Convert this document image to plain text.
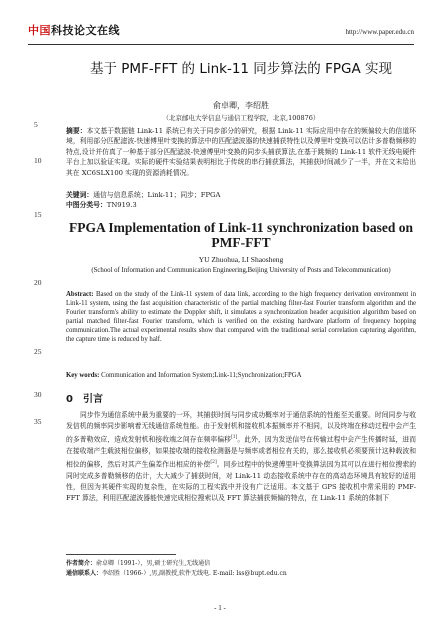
中国科技论文在线	http://www.paper.edu.cn
5
10
15
20
25
30
35
基于 PMF-FFT 的 Link-11 同步算法的 FPGA 实现
俞卓卿，李绍胜
（北京邮电大学信息与通信工程学院，北京,100876）
摘要：本文基于数据链 Link-11 系统已有关于同步部分的研究，根据 Link-11 实际应用中存在的频偏较大的信道环境，利用部分匹配滤波-快速傅里叶变换的算法中的匹配滤波器的快速捕获特性以及傅里叶变换可以估计多普勒频移的特点,设计并仿真了一种基于部分匹配滤波-快速傅里叶变换的同步头捕获算法,在基于跳频的 Link-11 软件无线电硬件平台上加以验证实现。实际的硬件实验结果表明相比于传统的串行捕获算法，其捕获时间减少了一半，并在文末给出其在 XC6SLX100 实现的资源消耗情况。
关键词：通信与信息系统；Link-11；同步；FPGA
中图分类号：TN919.3
FPGA Implementation of Link-11 synchronization based on PMF-FFT
YU Zhuohua, LI Shaosheng
(School of Information and Communication Engineering,Beijing University of Posts and Telecommunication)
Abstract: Based on the study of the Link-11 system of data link, according to the high frequency derivation environment in Link-11 system, using the fast acquisition characteristic of the partial matching filter-fast Fourier transform algorithm and the Fourier transform's ability to estimate the Doppler shift, it simulates a synchronization header acquisition algorithm based on partial matched filter-fast Fourier transform, which is verified on the existing hardware platform of frequency hopping communication.The actual experimental results show that compared with the traditional serial correlation capturing algorithm, the capture time is reduced by half.
Key words: Communication and Information System;Link-11;Synchronization;FPGA
0 引言
同步作为通信系统中最为重要的一环，其捕获时间与同步成功概率对于通信系统的性能至关重要。时间同步与收发信机的频率同步影响着无线通信系统性能。由于发射机和接收机本振频率并不相同，以及终端在移动过程中会产生的多普勒效应，造成发射机和接收端之间存在频率偏移[1]。此外，因为发送信号在传输过程中会产生传播时延，进而在接收端产生载波相位偏移，如果接收端的接收检测器是与频率或者相位有关的，那么接收机必须要预计这种载波和相位的偏移，然后对其产生偏差作出相应的补偿[2]。同步过程中的快速傅里叶变换算法因为其可以在进行相位搜索的同时完成多普勒频移的估计，大大减少了捕获时间，对 Link-11 动态接收系统中存在的高动态环境具有较好的适用性，但因为其硬件实现的复杂性，在实际的工程实践中并没有广泛适用。本文基于 GPS 接收机中常采用的 PMF-FFT 算法，利用匹配滤波器能快速完成相位搜索以及 FFT 算法捕获频偏的特点，在 Link-11 系统的体制下
作者简介：俞卓卿（1991-），男,硕士研究生,无线通信
通信联系人：李绍胜（1966-）,男,副教授,软件无线电. E-mail: lss@bupt.edu.cn
- 1 -
